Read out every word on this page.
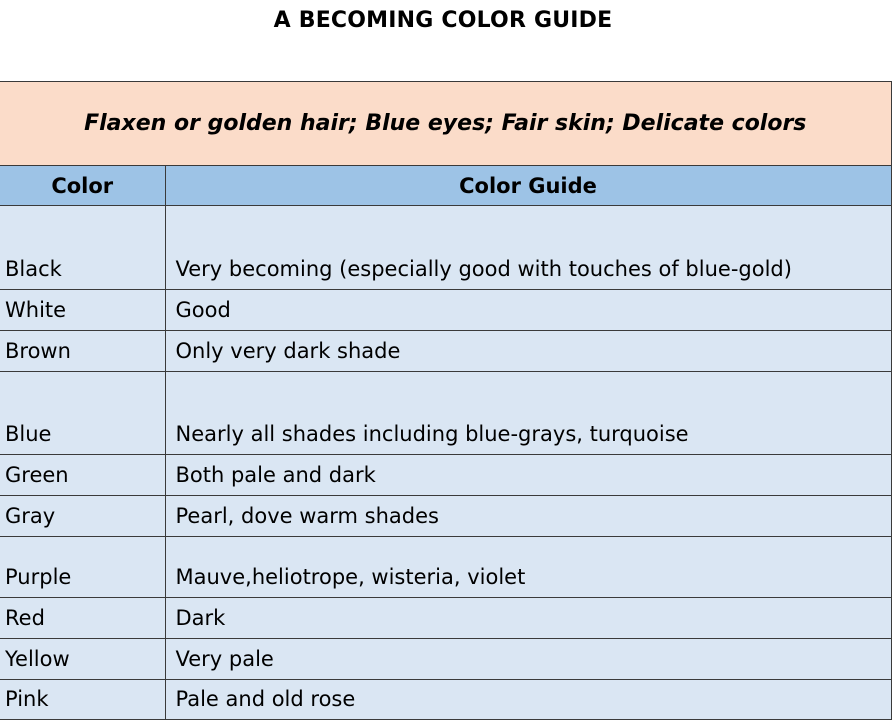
A BECOMING COLOR GUIDE
Flaxen or golden hair; Blue eyes; Fair skin; Delicate colors	
Color	Color Guide
Black	Very becoming (especially good with touches of blue-gold)
White	Good
Brown	Only very dark shade
Blue	Nearly all shades including blue-grays, turquoise
Green	Both pale and dark
Gray	Pearl, dove warm shades
Purple	Mauve,heliotrope, wisteria, violet
Red	Dark
Yellow	Very pale
Pink	Pale and old rose
